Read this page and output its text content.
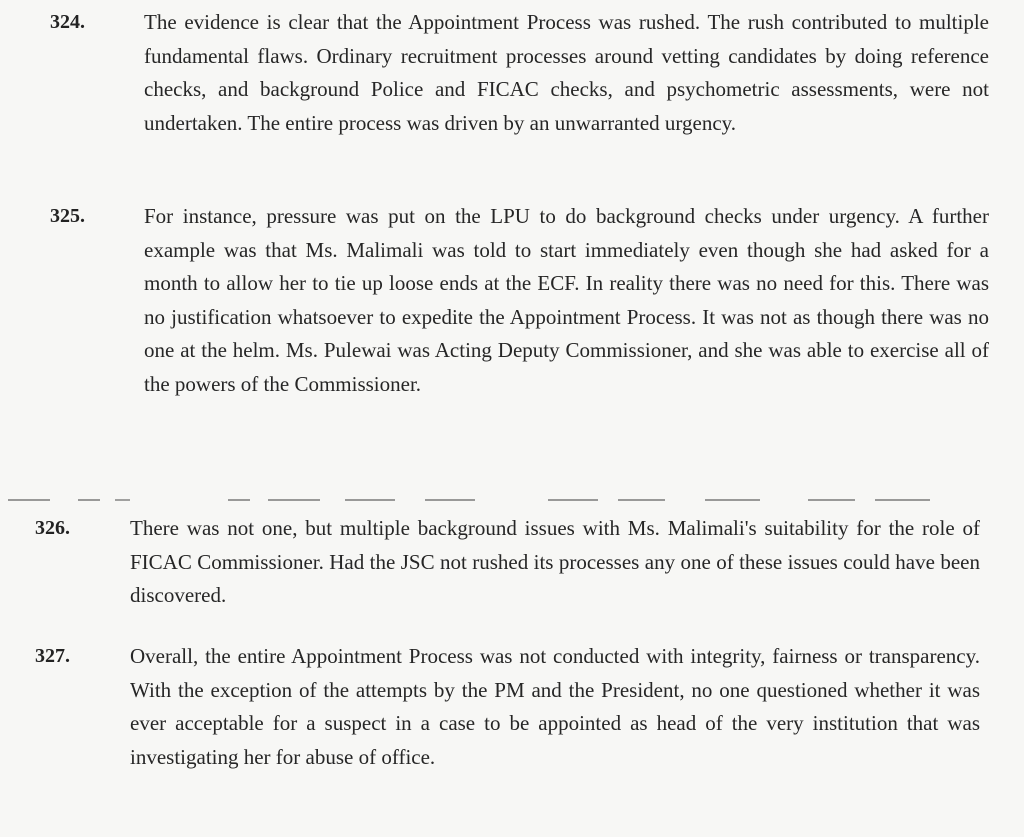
324.	The evidence is clear that the Appointment Process was rushed. The rush contributed to multiple fundamental flaws. Ordinary recruitment processes around vetting candidates by doing reference checks, and background Police and FICAC checks, and psychometric assessments, were not undertaken. The entire process was driven by an unwarranted urgency.
325.	For instance, pressure was put on the LPU to do background checks under urgency. A further example was that Ms. Malimali was told to start immediately even though she had asked for a month to allow her to tie up loose ends at the ECF. In reality there was no need for this. There was no justification whatsoever to expedite the Appointment Process. It was not as though there was no one at the helm. Ms. Pulewai was Acting Deputy Commissioner, and she was able to exercise all of the powers of the Commissioner.
326.	There was not one, but multiple background issues with Ms. Malimali's suitability for the role of FICAC Commissioner. Had the JSC not rushed its processes any one of these issues could have been discovered.
327.	Overall, the entire Appointment Process was not conducted with integrity, fairness or transparency. With the exception of the attempts by the PM and the President, no one questioned whether it was ever acceptable for a suspect in a case to be appointed as head of the very institution that was investigating her for abuse of office.
